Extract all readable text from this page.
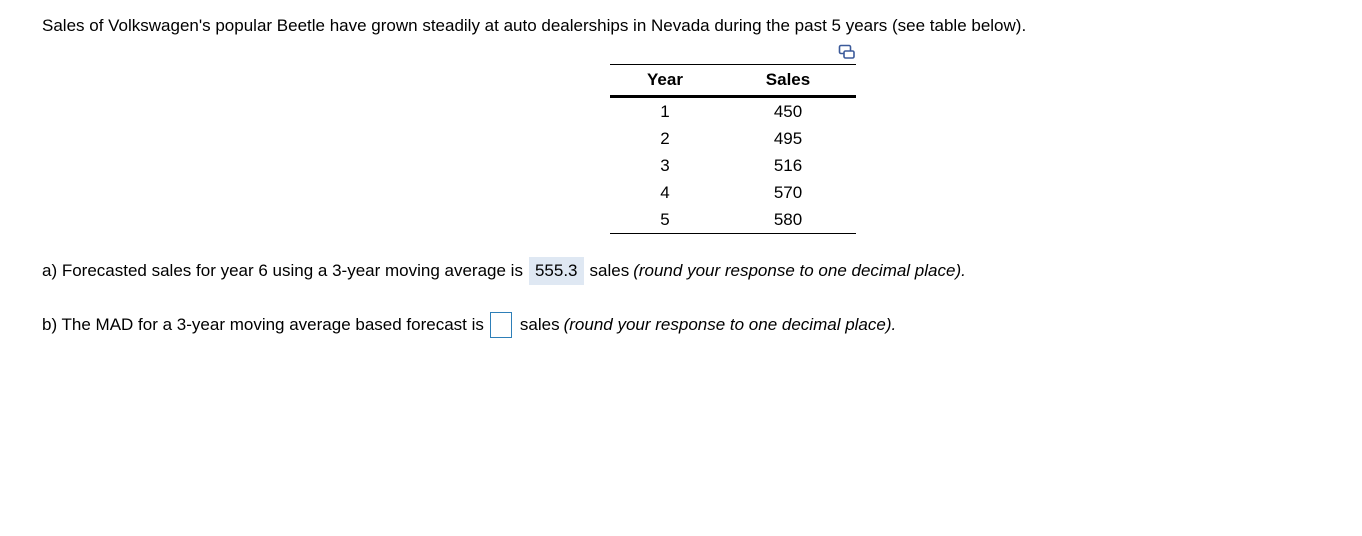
Sales of Volkswagen's popular Beetle have grown steadily at auto dealerships in Nevada during the past 5 years (see table below).
Year	Sales
1	450
2	495
3	516
4	570
5	580
a) Forecasted sales for year 6 using a 3-year moving average is 555.3 sales (round your response to one decimal place).
b) The MAD for a 3-year moving average based forecast is sales (round your response to one decimal place).
